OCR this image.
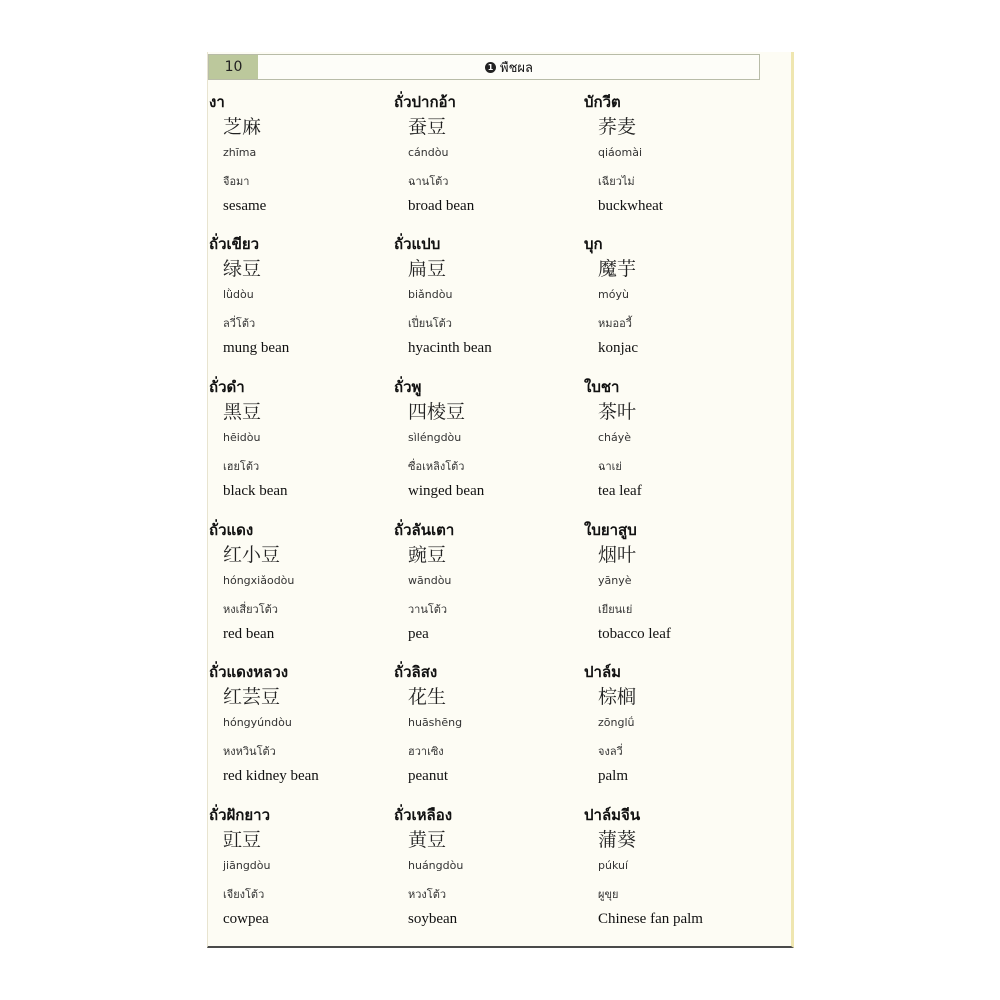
10	1 พืชผล
งา
芝麻
zhīma
จือมา
sesame
ถั่วเขียว
绿豆
lǜdòu
ลวี่โต้ว
mung bean
ถั่วดำ
黑豆
hēidòu
เฮยโต้ว
black bean
ถั่วแดง
红小豆
hóngxiǎodòu
หงเสี่ยวโต้ว
red bean
ถั่วแดงหลวง
红芸豆
hóngyúndòu
หงหวินโต้ว
red kidney bean
ถั่วฝักยาว
豇豆
jiāngdòu
เจียงโต้ว
cowpea
ถั่วปากอ้า
蚕豆
cándòu
ฉานโต้ว
broad bean
ถั่วแปบ
扁豆
biǎndòu
เปี่ยนโต้ว
hyacinth bean
ถั่วพู
四棱豆
sìléngdòu
ซื่อเหลิงโต้ว
winged bean
ถั่วลันเตา
豌豆
wāndòu
วานโต้ว
pea
ถั่วลิสง
花生
huāshēng
ฮวาเซิง
peanut
ถั่วเหลือง
黄豆
huángdòu
หวงโต้ว
soybean
บักวีต
荞麦
qiáomài
เฉียวไม่
buckwheat
บุก
魔芋
móyù
หมออวี้
konjac
ใบชา
茶叶
cháyè
ฉาเย่
tea leaf
ใบยาสูบ
烟叶
yānyè
เยียนเย่
tobacco leaf
ปาล์ม
棕榈
zōnglǘ
จงลวี่
palm
ปาล์มจีน
蒲葵
púkuí
ผูขุย
Chinese fan palm
